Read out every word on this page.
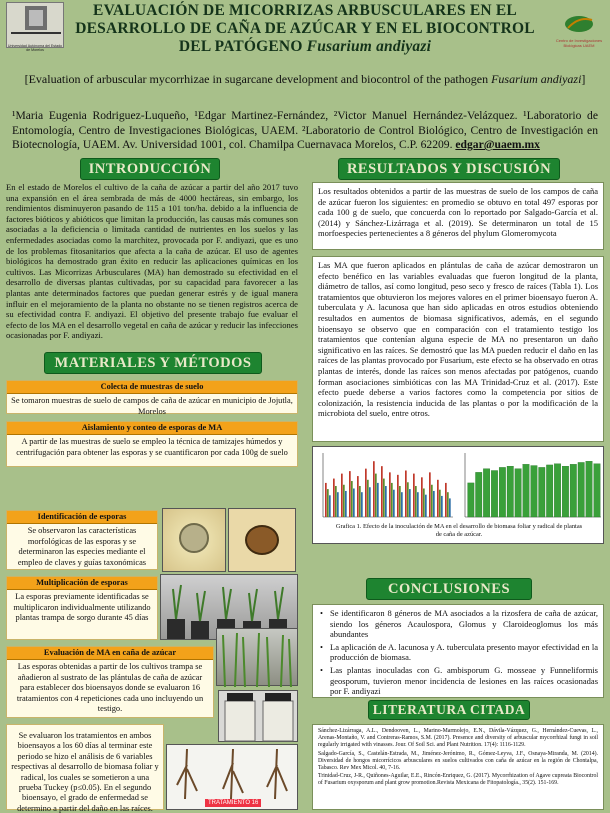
Universidad Autónoma del Estado de Morelos
Centro de Investigaciones Biológicas UAEM
EVALUACIÓN DE MICORRIZAS ARBUSCULARES EN EL
DESARROLLO DE CAÑA DE AZÚCAR Y EN EL BIOCONTROL
DEL PATÓGENO Fusarium andiyazi
[Evaluation of arbuscular mycorrhizae in sugarcane development and biocontrol of the pathogen Fusarium andiyazi]
¹Maria Eugenia Rodriguez-Luqueño, ¹Edgar Martinez-Fernández, ²Victor Manuel Hernández-Velázquez. ¹Laboratorio de Entomología, Centro de Investigaciones Biológicas, UAEM. ²Laboratorio de Control Biológico, Centro de Investigación en Biotecnología, UAEM. Av. Universidad 1001, col. Chamilpa Cuernavaca Morelos, C.P. 62209. edgar@uaem.mx
INTRODUCCIÓN
En el estado de Morelos el cultivo de la caña de azúcar a partir del año 2017 tuvo una expansión en el área sembrada de más de 4000 hectáreas, sin embargo, los rendimientos disminuyeron pasando de 115 a 101 ton/ha. debido a la influencia de factores bióticos y abióticos que limitan la producción, las causas más comunes son asociadas a la deficiencia o limitada cantidad de nutrientes en los suelos y las enfermedades asociadas como la marchitez, provocada por F. andiyazi, que es uno de los problemas fitosanitarios que afecta a la caña de azúcar. El uso de agentes biológicos ha demostrado gran éxito en reducir las aplicaciones químicas en los cultivos. Las Micorrizas Arbusculares (MA) han demostrado su efectividad en el desarrollo de diversas plantas cultivadas, por su capacidad para favorecer a las plantas ante determinados factores que puedan generar estrés y de igual manera influir en el mejoramiento de la planta no obstante no se tienen registros acerca de su efectividad contra F. andiyazi. El objetivo del presente trabajo fue evaluar el efecto de los MA en el desarrollo vegetal en caña de azúcar y reducir las infecciones ocasionadas por F. andiyazi.
MATERIALES Y MÉTODOS
Colecta de muestras de suelo
Se tomaron muestras de suelo de campos de caña de azúcar en municipio de Jojutla, Morelos
Aislamiento y conteo de esporas de MA
A partir de las muestras de suelo se empleo la técnica de tamizajes húmedos y centrifugación para obtener las esporas y se cuantificaron por cada 100g de suelo
Identificación de esporas
Se observaron las características morfológicas de las esporas y se determinaron las especies mediante el empleo de claves y guías taxonómicas
Multiplicación de esporas
La esporas previamente identificadas se multiplicaron individualmente utilizando plantas trampa de sorgo durante 45 días
Evaluación de MA en caña de azúcar
Las esporas obtenidas a partir de los cultivos trampa se añadieron al sustrato de las plántulas de caña de azúcar para establecer dos bioensayos donde se evaluaron 16 tratamientos con 4 repeticiones cada uno incluyendo un testigo.
Se evaluaron los tratamientos en ambos bioensayos a los 60 días al terminar este periodo se hizo el análisis de 6 variables respectivas al desarrollo de biomasa foliar y radical, los cuales se sometieron a una prueba Tuckey (p≤0.05). En el segundo bioensayo, el grado de enfermedad se determino a partir del daño en las raíces.
TRATAMIENTO 16
RESULTADOS Y DISCUSIÓN
Los resultados obtenidos a partir de las muestras de suelo de los campos de caña de azúcar fueron los siguientes: en promedio se obtuvo en total 497 esporas por cada 100 g de suelo, que concuerda con lo reportado por Salgado-García et al.(2014) y Sánchez-Lizárraga et al. (2019). Se determinaron un total de 15 morfoespecies pertenecientes a 8 géneros del phylum Glomeromycota
Las MA que fueron aplicados en plántulas de caña de azúcar demostraron un efecto benéfico en las variables evaluadas que fueron longitud de la planta, diámetro de tallos, así como longitud, peso seco y fresco de raíces (Tabla 1). Los tratamientos que obtuvieron los mejores valores en el primer bioensayo fueron A. tuberculata y A. lacunosa que han sido aplicadas en otros estudios obteniendo resultados en aumentos de biomasa significativos, además, en el segundo bioensayo se observo que en comparación con el tratamiento testigo los tratamientos que contenían alguna especie de MA no presentaron un daño significativo en las raíces. Se demostró que las MA pueden reducir el daño en las raíces de las plantas provocado por Fusarium, este efecto se ha observado en otras plantas de interés, donde las raíces son menos afectadas por patógenos, cuando forman asociaciones simbióticas con las MA Trinidad-Cruz et al. (2017). Este efecto puede deberse a varios factores como la competencia por sitios de colonización, la resistencia inducida de las plantas o por la modificación de la microbiota del suelo, entre otros.
Grafica 1. Efecto de la inoculación de MA en el desarrollo de biomasa foliar y radical de plantas de caña de azúcar.
CONCLUSIONES
• Se identificaron 8 géneros de MA asociados a la rizosfera de caña de azúcar, siendo los géneros Acaulospora, Glomus y Claroideoglomus los más abundantes
• La aplicación de A. lacunosa y A. tuberculata presento mayor efectividad en la producción de biomasa.
• Las plantas inoculadas con G. ambisporum G. mosseae y Funneliformis geosporum, tuvieron menor incidencia de lesiones en las raíces ocasionadas por F. andiyazi
LITERATURA CITADA

Sánchez-Lizárraga, A.L., Dendooven, L., Marino-Marmolejo, E.N., Dávila-Vázquez, G., Hernández-Cuevas, L., Arenas-Montaño, V. and Contreras-Ramos, S.M. (2017). Presence and diversity of arbuscular mycorrhizal fungi in soil regularly irrigated with vinasses. Jour. Of Soil Sci. and Plant Nutrition. 17(4): 1116-1129.

Salgado-García, S., Castelán-Estrada, M., Jiménez-Jerónimo, R., Gómez-Leyva, J.F., Osnaya-Miranda, M. (2014). Diversidad de hongos micorrícicos arbusculares en suelos cultivados con caña de azúcar en la región de Chontalpa, Tabasco. Rev Mex Micol. 40, 7-16.

Trinidad-Cruz, J-R., Quiñones-Aguilar, E.E., Rincón-Enriquez, G. (2017). Mycorrhization of Agave cupreata Biocontrol of Fusarium oxysporum and plant grow promotion.Revista Mexicana de Fitopatología., 35(2). 151-169.
